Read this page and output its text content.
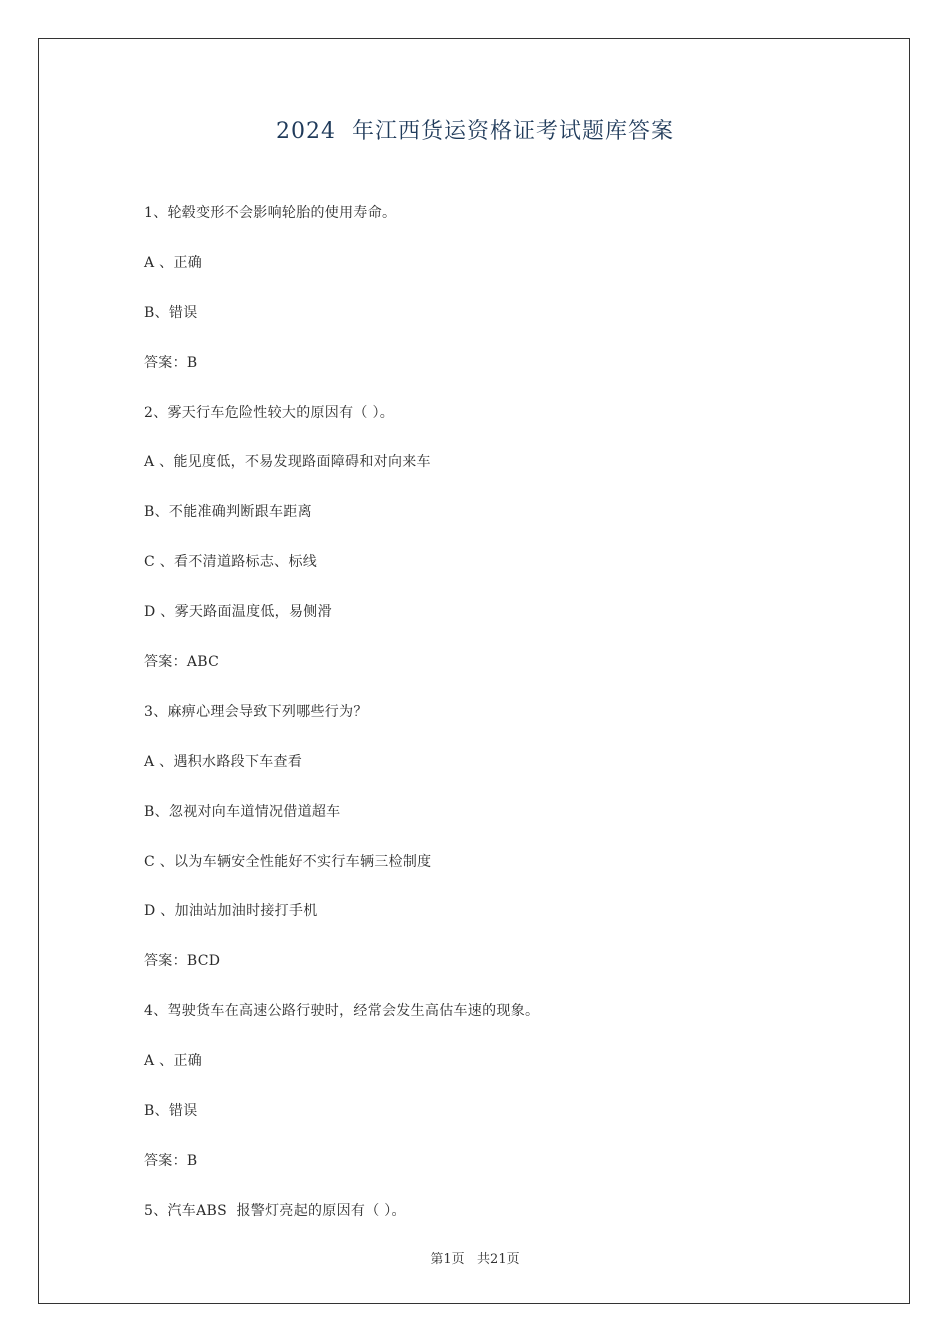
2024  年江西货运资格证考试题库答案
1、轮毂变形不会影响轮胎的使用寿命。
A 、正确
B、错误
答案：B
2、雾天行车危险性较大的原因有（ ）。
A 、能见度低，不易发现路面障碍和对向来车
B、不能准确判断跟车距离
C 、看不清道路标志、标线
D 、雾天路面温度低，易侧滑
答案：ABC
3、麻痹心理会导致下列哪些行为？
A 、遇积水路段下车查看
B、忽视对向车道情况借道超车
C 、以为车辆安全性能好不实行车辆三检制度
D 、加油站加油时接打手机
答案：BCD
4、驾驶货车在高速公路行驶时，经常会发生高估车速的现象。
A 、正确
B、错误
答案：B
5、汽车ABS  报警灯亮起的原因有（ ）。
第1页   共21页
